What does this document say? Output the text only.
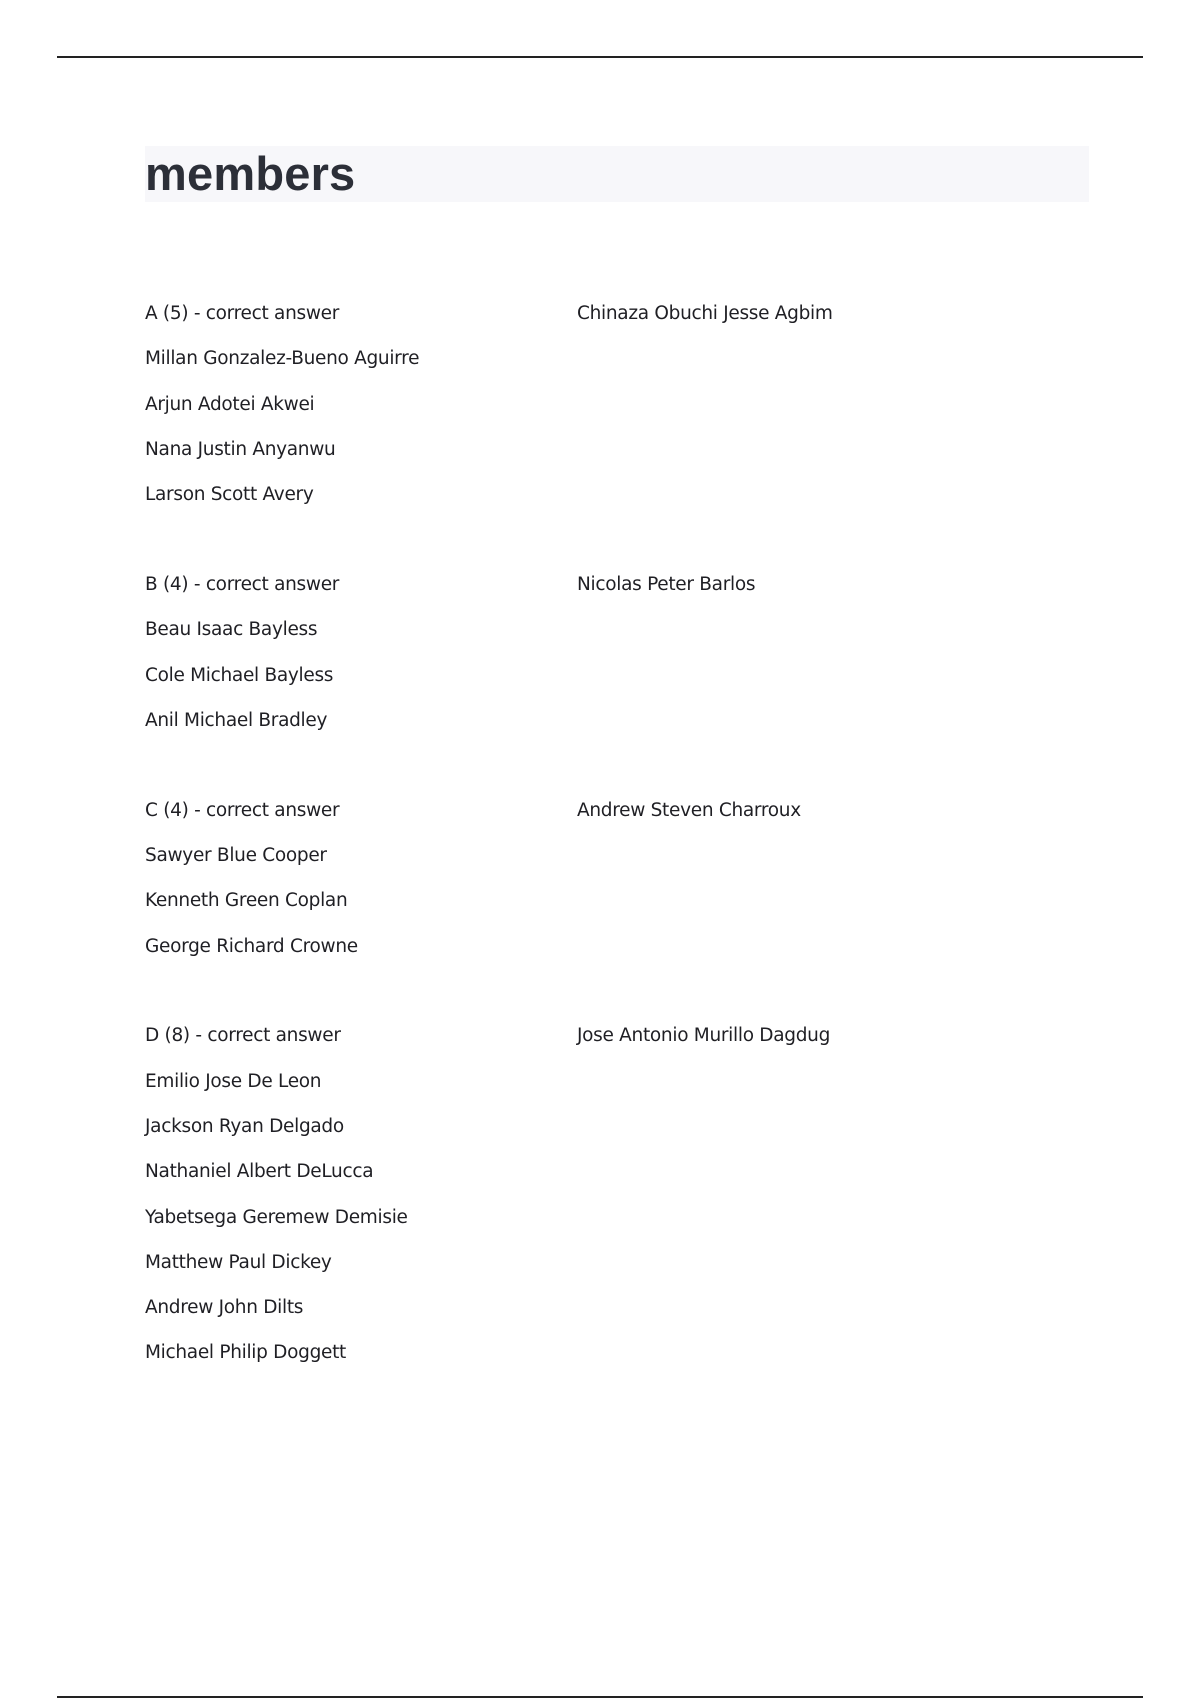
members
A (5) - correct answer
Millan Gonzalez-Bueno Aguirre
Arjun Adotei Akwei
Nana Justin Anyanwu
Larson Scott Avery
Chinaza Obuchi Jesse Agbim
B (4) - correct answer
Beau Isaac Bayless
Cole Michael Bayless
Anil Michael Bradley
Nicolas Peter Barlos
C (4) - correct answer
Sawyer Blue Cooper
Kenneth Green Coplan
George Richard Crowne
Andrew Steven Charroux
D (8) - correct answer
Emilio Jose De Leon
Jackson Ryan Delgado
Nathaniel Albert DeLucca
Yabetsega Geremew Demisie
Matthew Paul Dickey
Andrew John Dilts
Michael Philip Doggett
Jose Antonio Murillo Dagdug
